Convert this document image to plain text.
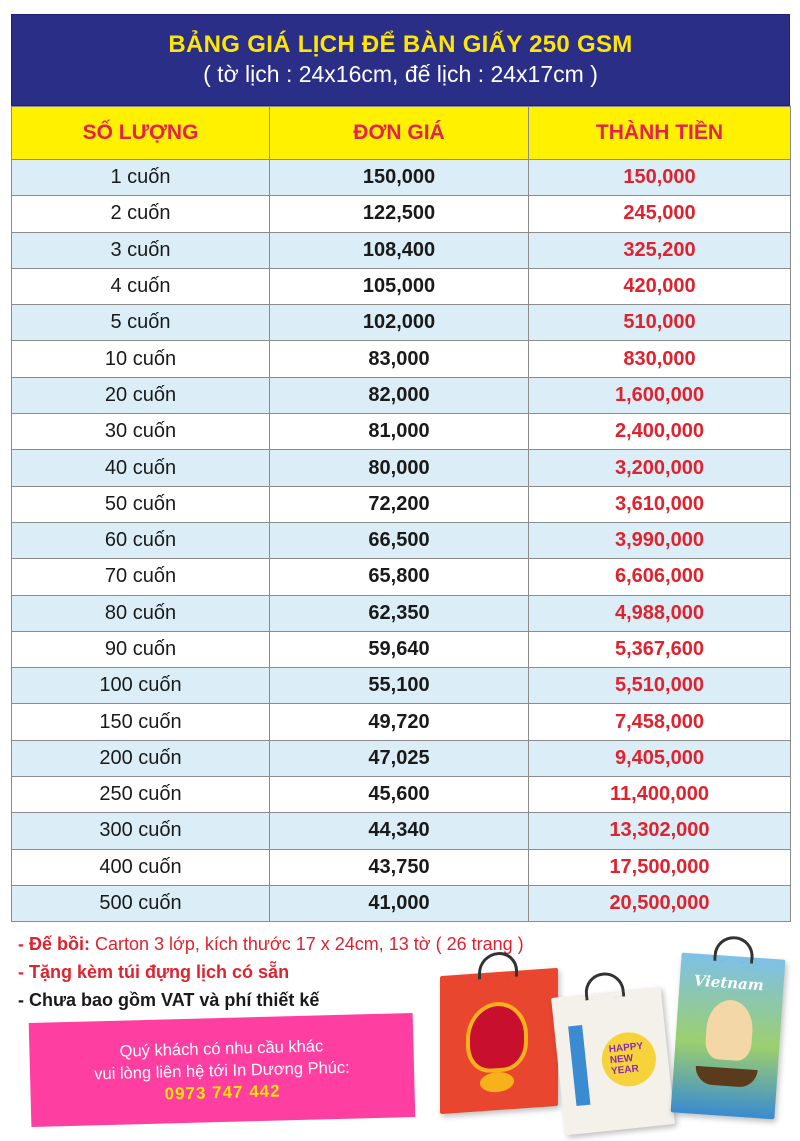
BẢNG GIÁ LỊCH ĐỂ BÀN GIẤY 250 GSM
( tờ lịch : 24x16cm, đế lịch : 24x17cm )
SỐ LƯỢNG	ĐƠN GIÁ	THÀNH TIỀN
1 cuốn	150,000	150,000
2 cuốn	122,500	245,000
3 cuốn	108,400	325,200
4 cuốn	105,000	420,000
5 cuốn	102,000	510,000
10 cuốn	83,000	830,000
20 cuốn	82,000	1,600,000
30 cuốn	81,000	2,400,000
40 cuốn	80,000	3,200,000
50 cuốn	72,200	3,610,000
60 cuốn	66,500	3,990,000
70 cuốn	65,800	6,606,000
80 cuốn	62,350	4,988,000
90 cuốn	59,640	5,367,600
100 cuốn	55,100	5,510,000
150 cuốn	49,720	7,458,000
200 cuốn	47,025	9,405,000
250 cuốn	45,600	11,400,000
300 cuốn	44,340	13,302,000
400 cuốn	43,750	17,500,000
500 cuốn	41,000	20,500,000
- Đế bồi: Carton 3 lớp, kích thước 17 x 24cm, 13 tờ ( 26 trang )
- Tặng kèm túi đựng lịch có sẵn
- Chưa bao gồm VAT và phí thiết kế
Quý khách có nhu cầu khác
vui lòng liên hệ tới In Dương Phúc:
0973 747 442
HAPPY NEW YEAR
Vietnam
